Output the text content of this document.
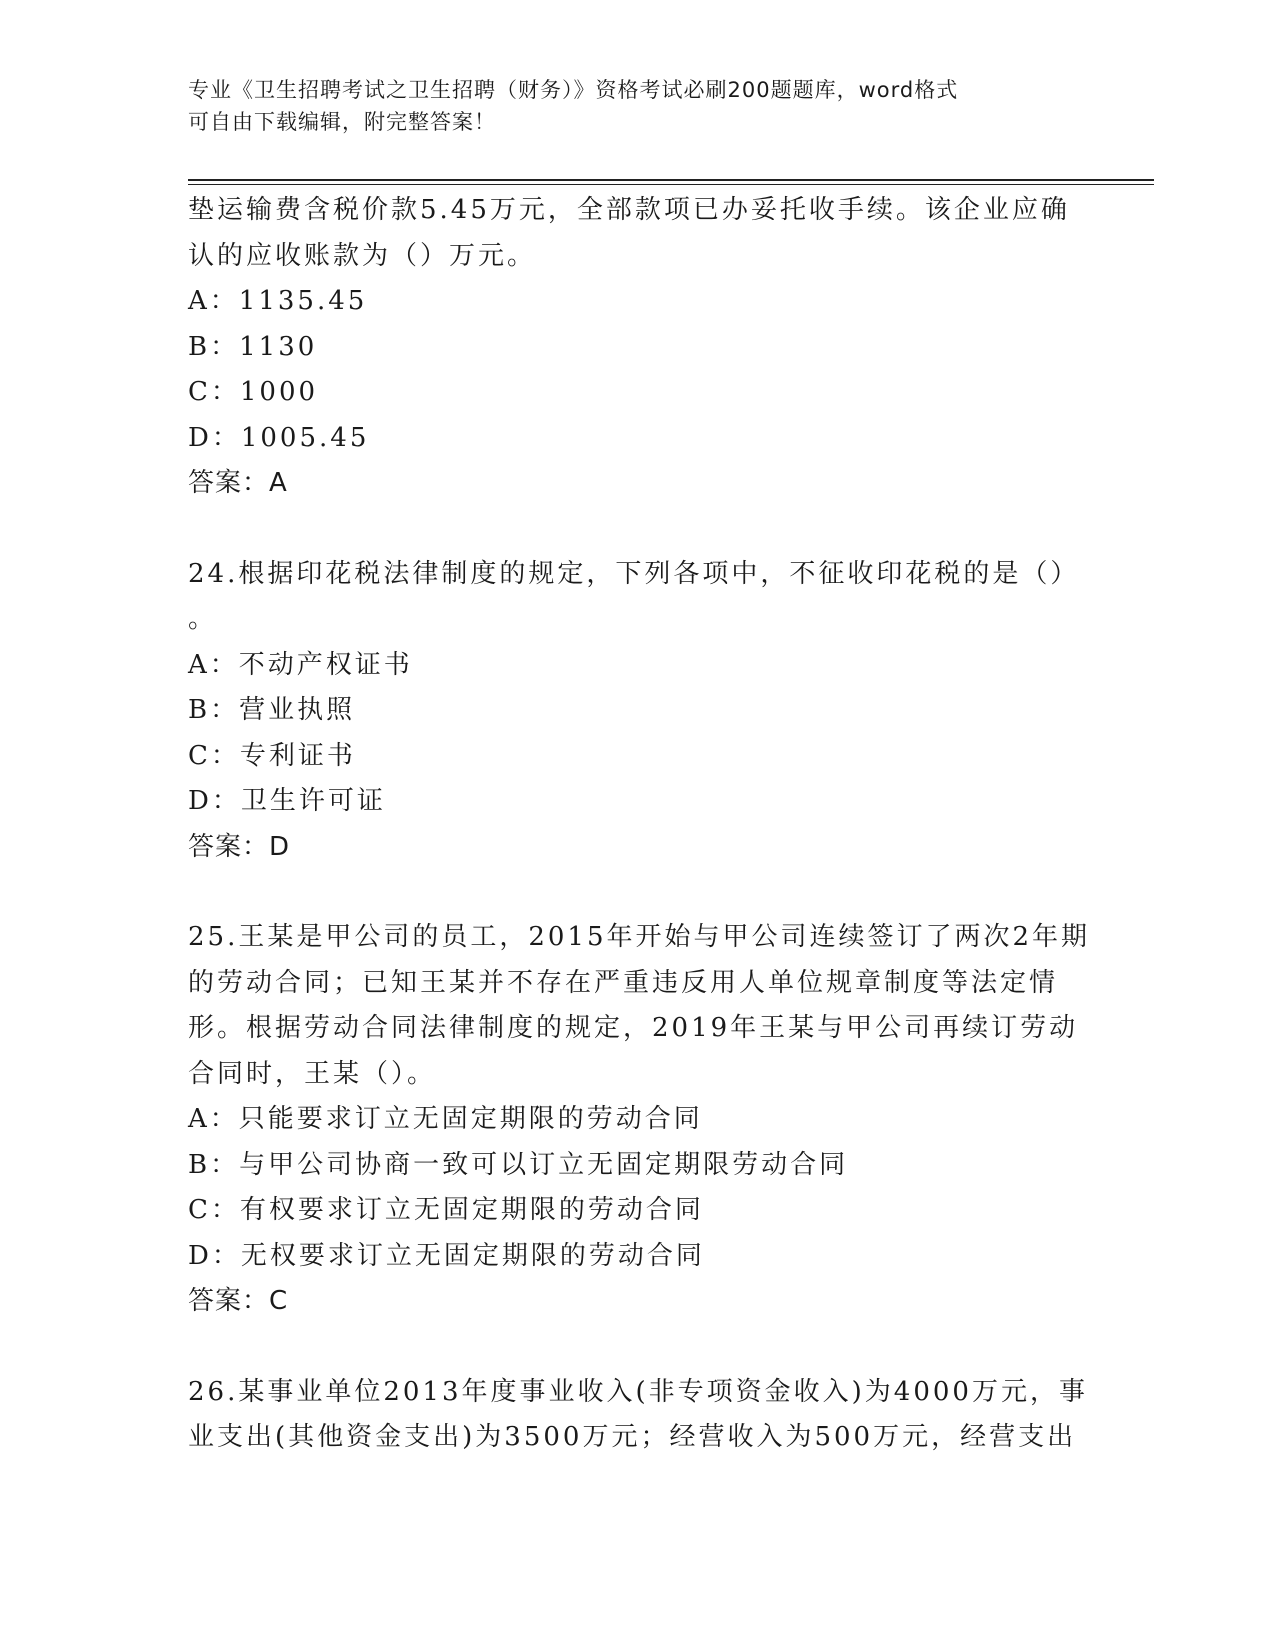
专业《卫生招聘考试之卫生招聘（财务）》资格考试必刷200题题库，word格式
可自由下载编辑，附完整答案！
垫运输费含税价款5.45万元，全部款项已办妥托收手续。该企业应确
认的应收账款为（）万元。
A：1135.45
B：1130
C：1000
D：1005.45
答案：A
24.根据印花税法律制度的规定，下列各项中，不征收印花税的是（）
。
A：不动产权证书
B：营业执照
C：专利证书
D：卫生许可证
答案：D
25.王某是甲公司的员工，2015年开始与甲公司连续签订了两次2年期
的劳动合同；已知王某并不存在严重违反用人单位规章制度等法定情
形。根据劳动合同法律制度的规定，2019年王某与甲公司再续订劳动
合同时，王某（）。
A：只能要求订立无固定期限的劳动合同
B：与甲公司协商一致可以订立无固定期限劳动合同
C：有权要求订立无固定期限的劳动合同
D：无权要求订立无固定期限的劳动合同
答案：C
26.某事业单位2013年度事业收入(非专项资金收入)为4000万元，事
业支出(其他资金支出)为3500万元；经营收入为500万元，经营支出
